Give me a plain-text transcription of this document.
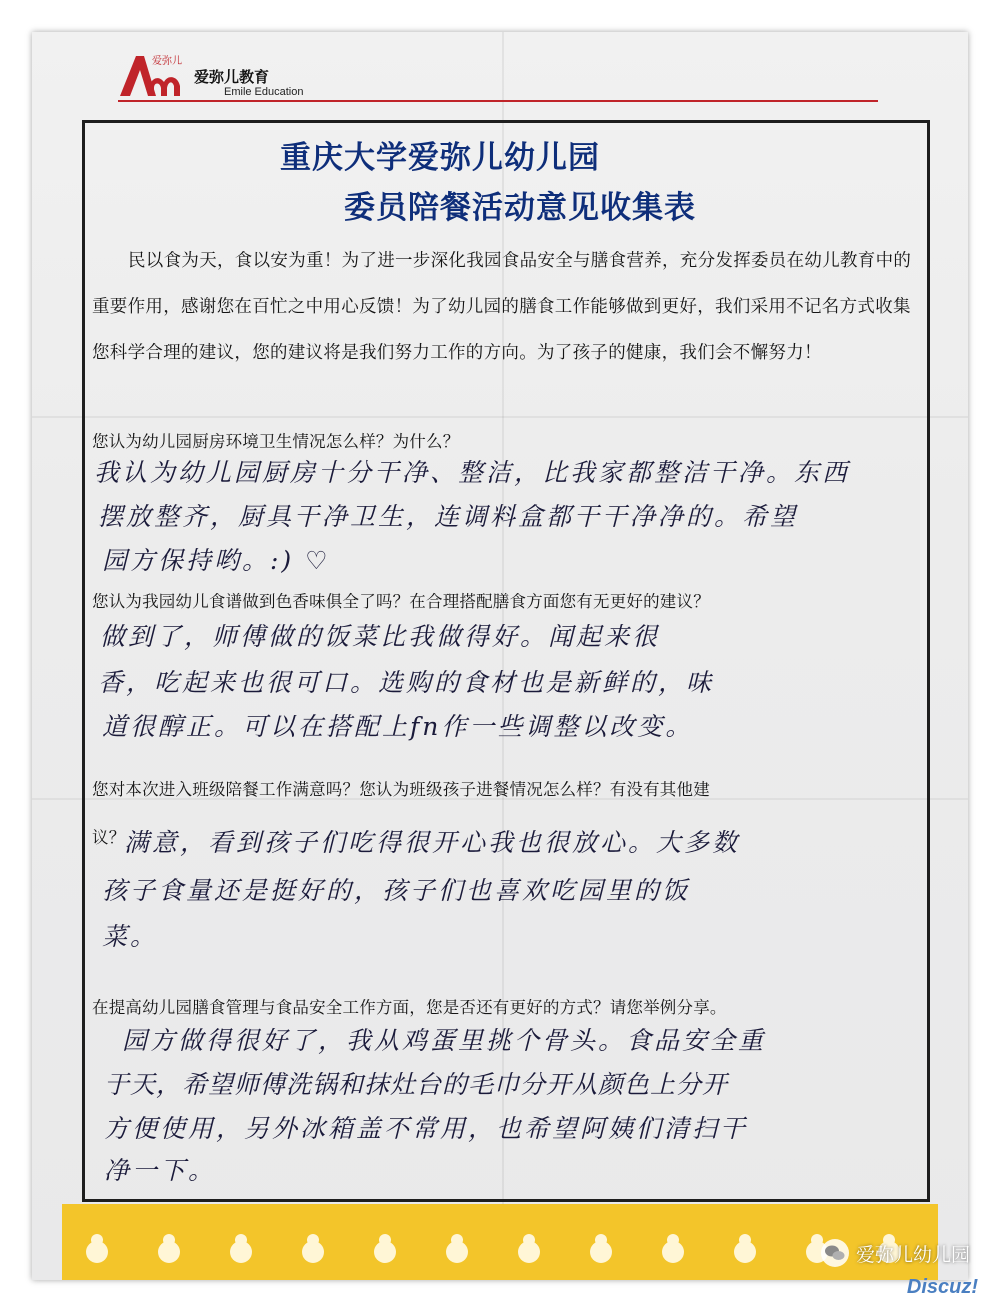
爱弥儿
爱弥儿教育
Emile Education
重庆大学爱弥儿幼儿园
委员陪餐活动意见收集表
民以食为天，食以安为重！为了进一步深化我园食品安全与膳食营养，充分发挥委员在幼儿教育中的重要作用，感谢您在百忙之中用心反馈！为了幼儿园的膳食工作能够做到更好，我们采用不记名方式收集您科学合理的建议，您的建议将是我们努力工作的方向。为了孩子的健康，我们会不懈努力！
您认为幼儿园厨房环境卫生情况怎么样？为什么？
我认为幼儿园厨房十分干净、整洁，比我家都整洁干净。东西
摆放整齐，厨具干净卫生，连调料盒都干干净净的。希望
园方保持哟。:) ♡
您认为我园幼儿食谱做到色香味俱全了吗？在合理搭配膳食方面您有无更好的建议？
做到了，师傅做的饭菜比我做得好。闻起来很
香，吃起来也很可口。选购的食材也是新鲜的，味
道很醇正。可以在搭配上fn作一些调整以改变。
您对本次进入班级陪餐工作满意吗？您认为班级孩子进餐情况怎么样？有没有其他建
议？
满意，看到孩子们吃得很开心我也很放心。大多数
孩子食量还是挺好的，孩子们也喜欢吃园里的饭
菜。
在提高幼儿园膳食管理与食品安全工作方面，您是否还有更好的方式？请您举例分享。
园方做得很好了，我从鸡蛋里挑个骨头。食品安全重
于天，希望师傅洗锅和抹灶台的毛巾分开从颜色上分开
方便使用，另外冰箱盖不常用，也希望阿姨们清扫干
净一下。
爱弥儿幼儿园
Discuz!
